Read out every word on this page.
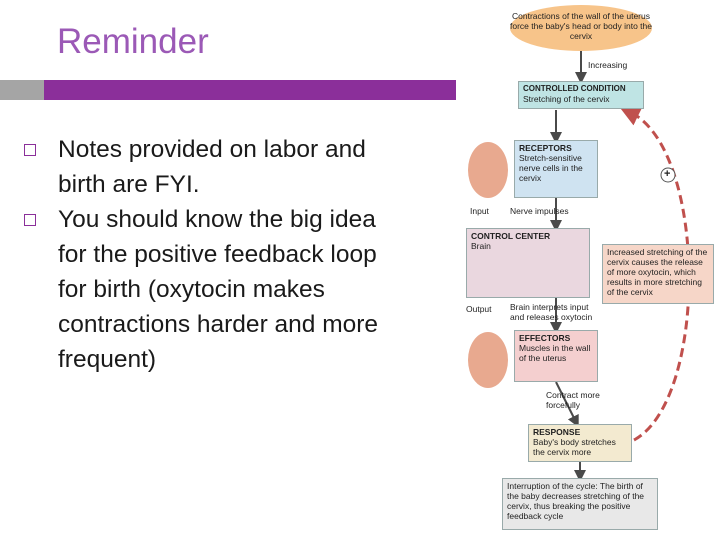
Reminder
Notes provided on labor and birth are FYI.
You should know the big idea for the positive feedback loop for birth (oxytocin makes contractions harder and more frequent)
Contractions of the wall of the uterus force the baby's head or body into the cervix
Increasing
CONTROLLED CONDITION
Stretching of the cervix
RECEPTORS
Stretch-sensitive nerve cells in the cervix
Input Nerve impulses
CONTROL CENTER
Brain
Increased stretching of the cervix causes the release of more oxytocin, which results in more stretching of the cervix
Output Brain interprets input and releases oxytocin
EFFECTORS
Muscles in the wall of the uterus
Contract more forcefully
RESPONSE
Baby's body stretches the cervix more
Interruption of the cycle: The birth of the baby decreases stretching of the cervix, thus breaking the positive feedback cycle
+
